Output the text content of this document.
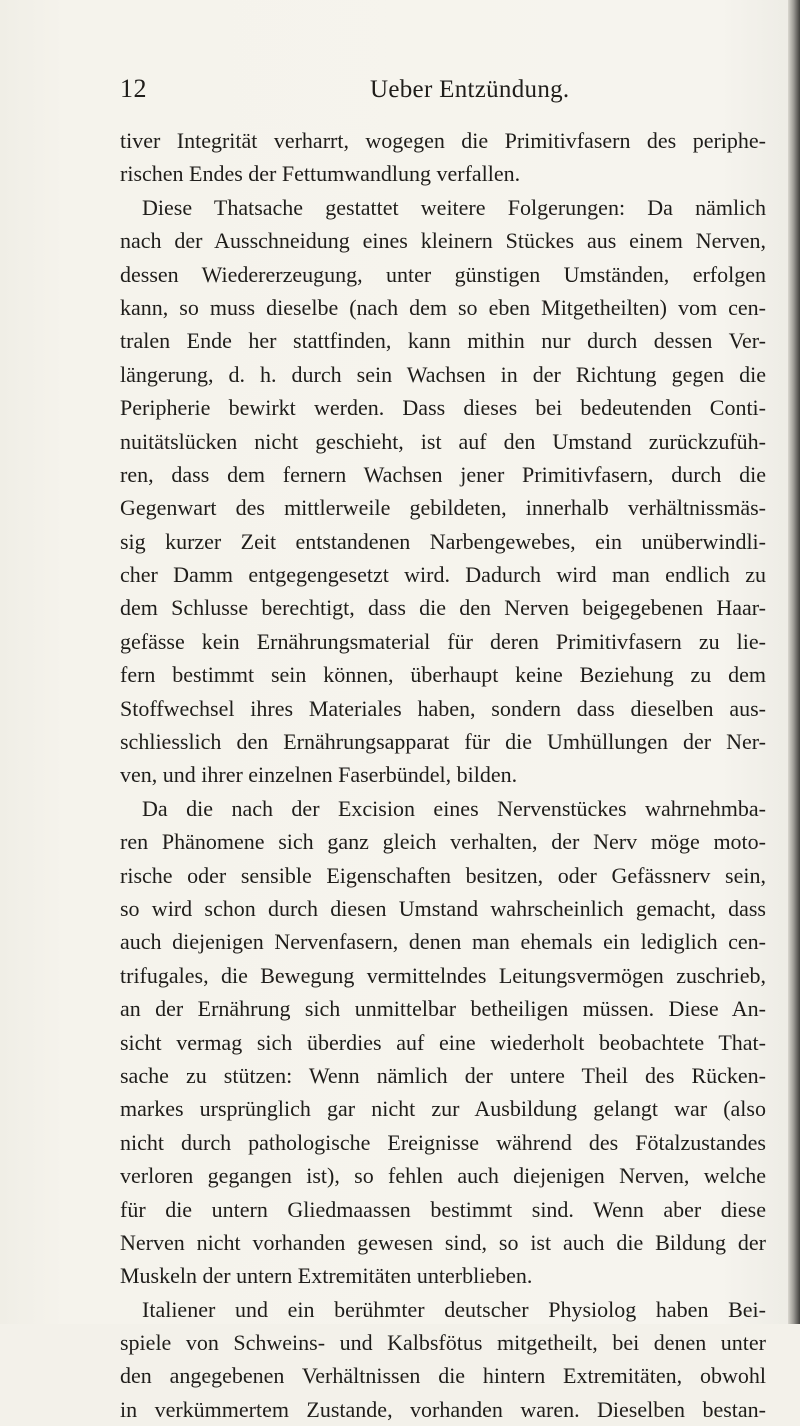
12	Ueber Entzündung.
tiver Integrität verharrt, wogegen die Primitivfasern des periphe-
rischen Endes der Fettumwandlung verfallen.
Diese Thatsache gestattet weitere Folgerungen: Da nämlich
nach der Ausschneidung eines kleinern Stückes aus einem Nerven,
dessen Wiedererzeugung, unter günstigen Umständen, erfolgen
kann, so muss dieselbe (nach dem so eben Mitgetheilten) vom cen-
tralen Ende her stattfinden, kann mithin nur durch dessen Ver-
längerung, d. h. durch sein Wachsen in der Richtung gegen die
Peripherie bewirkt werden. Dass dieses bei bedeutenden Conti-
nuitätslücken nicht geschieht, ist auf den Umstand zurückzufüh-
ren, dass dem fernern Wachsen jener Primitivfasern, durch die
Gegenwart des mittlerweile gebildeten, innerhalb verhältnissmäs-
sig kurzer Zeit entstandenen Narbengewebes, ein unüberwindli-
cher Damm entgegengesetzt wird. Dadurch wird man endlich zu
dem Schlusse berechtigt, dass die den Nerven beigegebenen Haar-
gefässe kein Ernährungsmaterial für deren Primitivfasern zu lie-
fern bestimmt sein können, überhaupt keine Beziehung zu dem
Stoffwechsel ihres Materiales haben, sondern dass dieselben aus-
schliesslich den Ernährungsapparat für die Umhüllungen der Ner-
ven, und ihrer einzelnen Faserbündel, bilden.
Da die nach der Excision eines Nervenstückes wahrnehmba-
ren Phänomene sich ganz gleich verhalten, der Nerv möge moto-
rische oder sensible Eigenschaften besitzen, oder Gefässnerv sein,
so wird schon durch diesen Umstand wahrscheinlich gemacht, dass
auch diejenigen Nervenfasern, denen man ehemals ein lediglich cen-
trifugales, die Bewegung vermittelndes Leitungsvermögen zuschrieb,
an der Ernährung sich unmittelbar betheiligen müssen. Diese An-
sicht vermag sich überdies auf eine wiederholt beobachtete That-
sache zu stützen: Wenn nämlich der untere Theil des Rücken-
markes ursprünglich gar nicht zur Ausbildung gelangt war (also
nicht durch pathologische Ereignisse während des Fötalzustandes
verloren gegangen ist), so fehlen auch diejenigen Nerven, welche
für die untern Gliedmaassen bestimmt sind. Wenn aber diese
Nerven nicht vorhanden gewesen sind, so ist auch die Bildung der
Muskeln der untern Extremitäten unterblieben.
Italiener und ein berühmter deutscher Physiolog haben Bei-
spiele von Schweins- und Kalbsfötus mitgetheilt, bei denen unter
den angegebenen Verhältnissen die hintern Extremitäten, obwohl
in verkümmertem Zustande, vorhanden waren. Dieselben bestan-
